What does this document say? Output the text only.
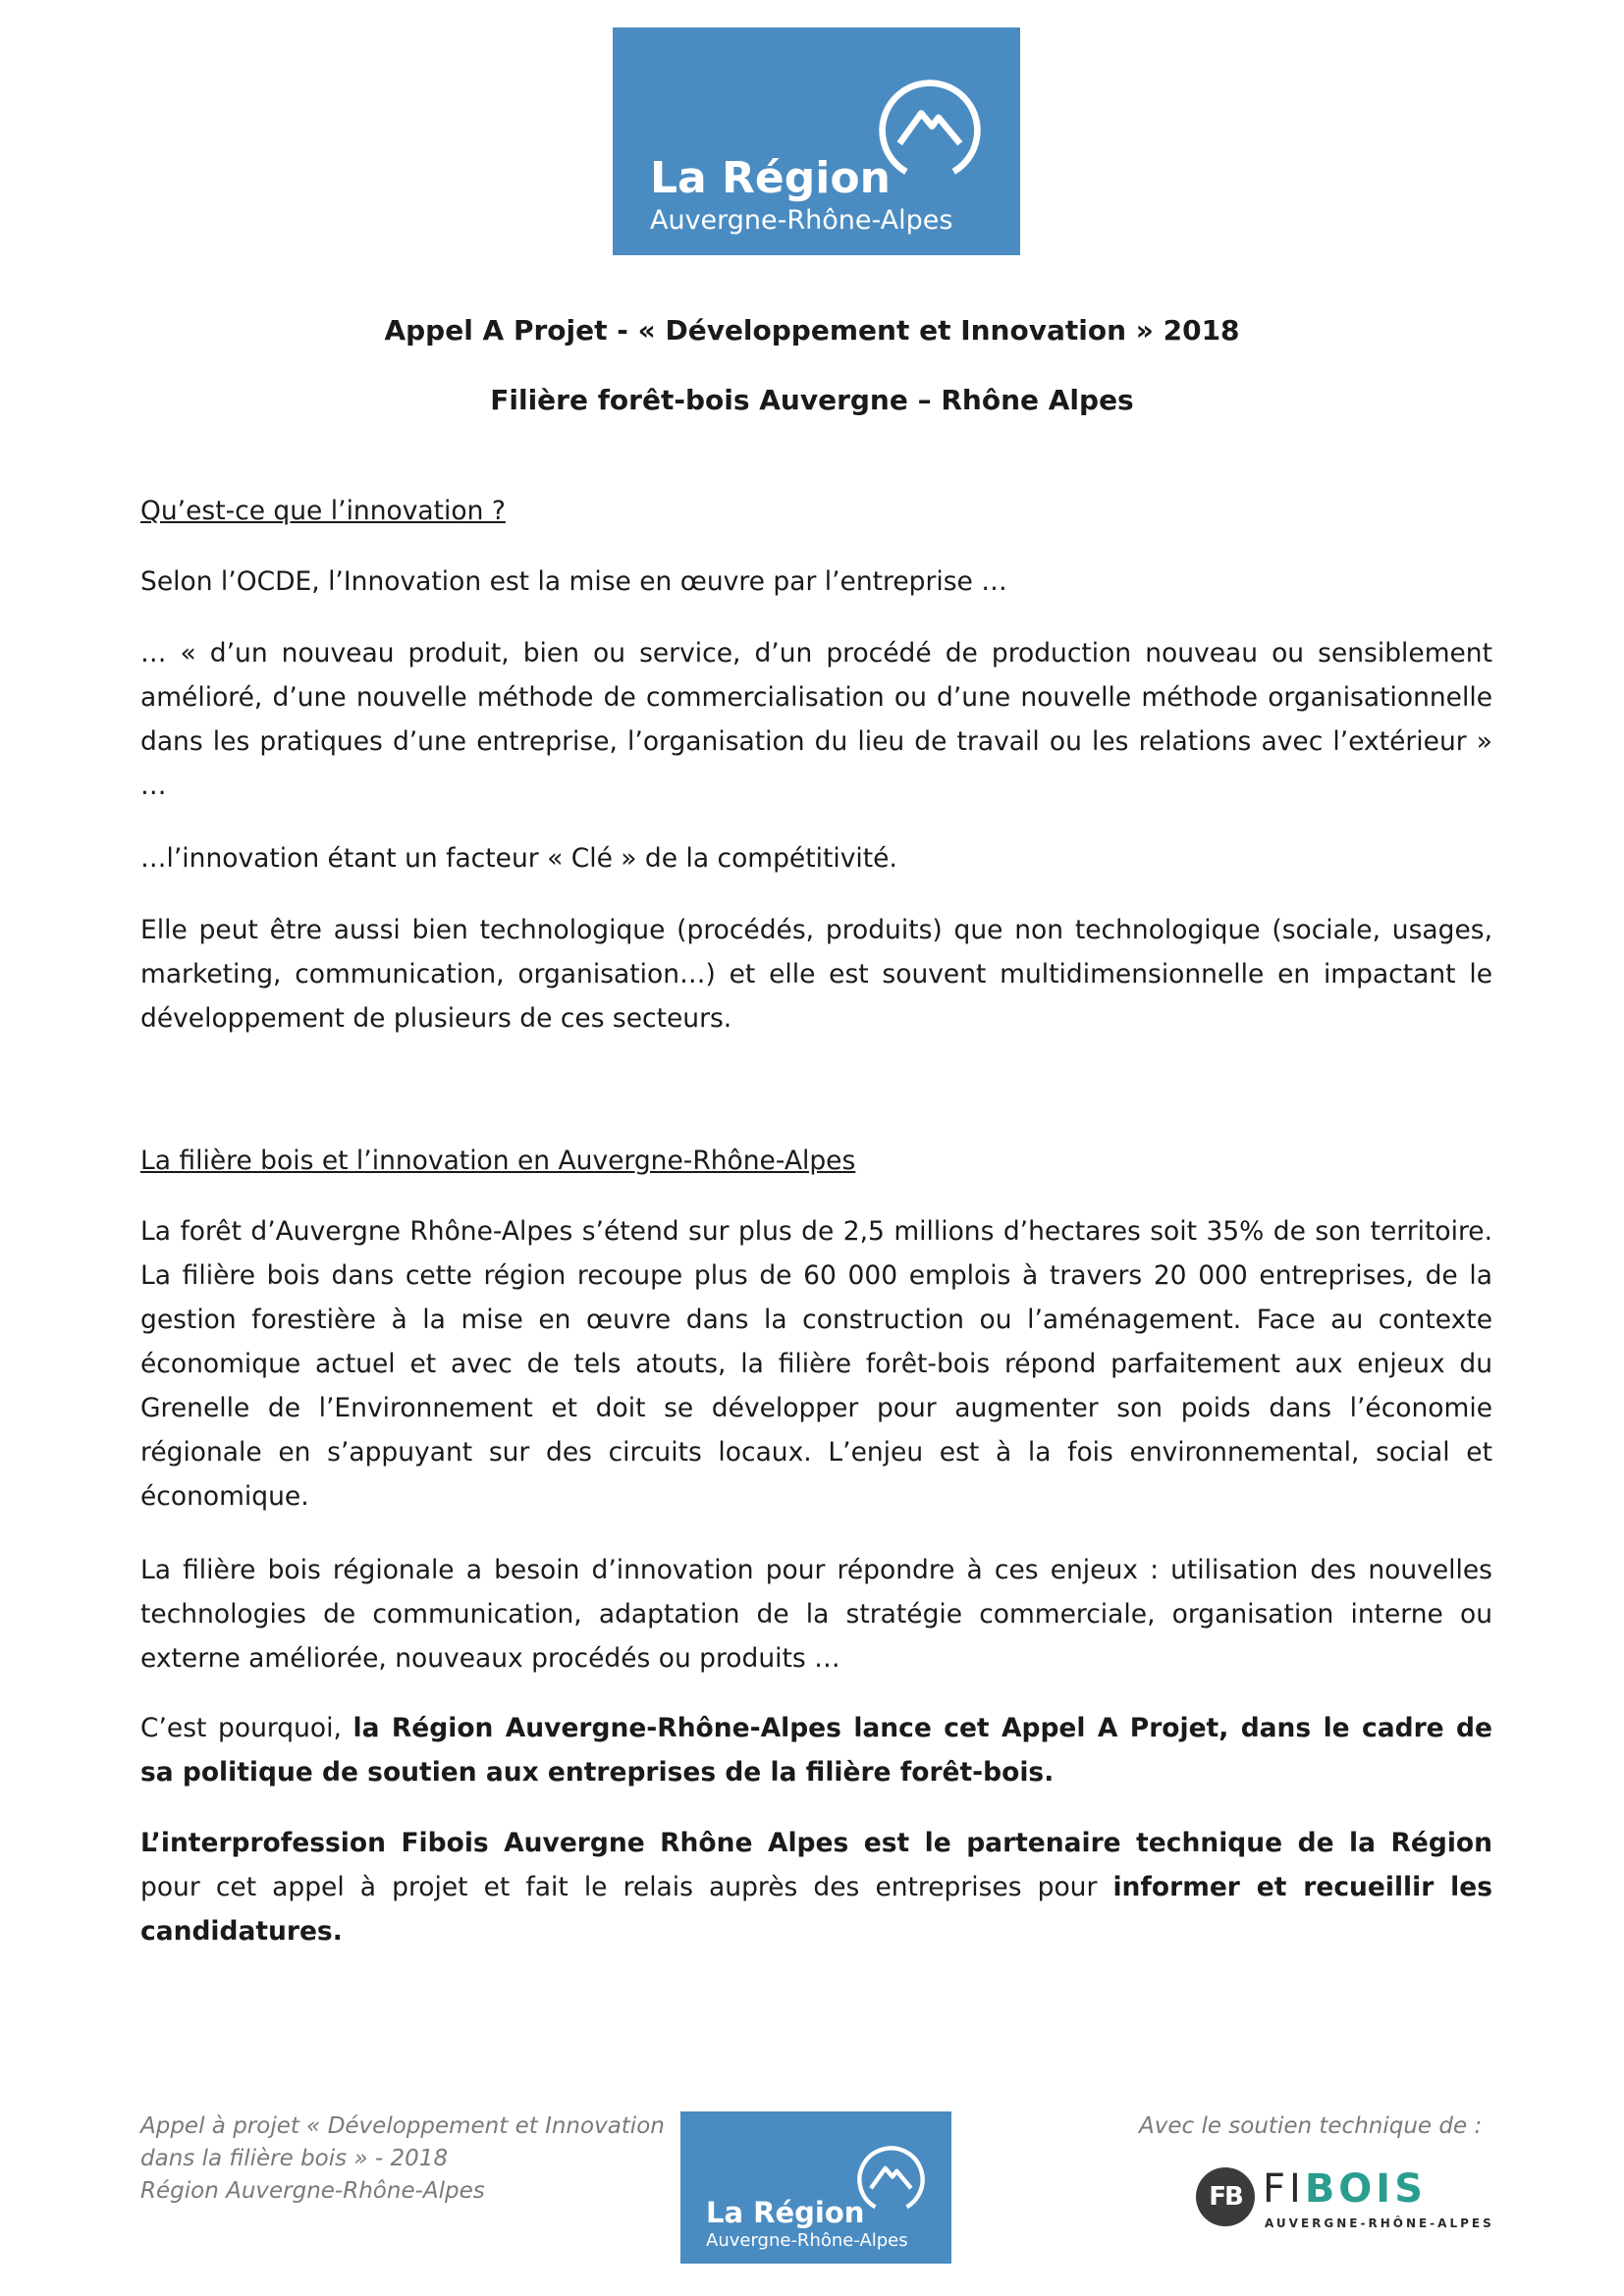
La Région
Auvergne-Rhône-Alpes
Appel A Projet - « Développement et Innovation » 2018
Filière forêt-bois Auvergne – Rhône Alpes
Qu’est-ce que l’innovation ?
Selon l’OCDE, l’Innovation est la mise en œuvre par l’entreprise …
… « d’un nouveau produit, bien ou service, d’un procédé de production nouveau ou sensiblement amélioré, d’une nouvelle méthode de commercialisation ou d’une nouvelle méthode organisationnelle dans les pratiques d’une entreprise, l’organisation du lieu de travail ou les relations avec l’extérieur » …
…l’innovation étant un facteur « Clé » de la compétitivité.
Elle peut être aussi bien technologique (procédés, produits) que non technologique (sociale, usages, marketing, communication, organisation…) et elle est souvent multidimensionnelle en impactant le développement de plusieurs de ces secteurs.
La filière bois et l’innovation en Auvergne-Rhône-Alpes
La forêt d’Auvergne Rhône-Alpes s’étend sur plus de 2,5 millions d’hectares soit 35% de son territoire. La filière bois dans cette région recoupe plus de 60 000 emplois à travers 20 000 entreprises, de la gestion forestière à la mise en œuvre dans la construction ou l’aménagement. Face au contexte économique actuel et avec de tels atouts, la filière forêt-bois répond parfaitement aux enjeux du Grenelle de l’Environnement et doit se développer pour augmenter son poids dans l’économie régionale en s’appuyant sur des circuits locaux. L’enjeu est à la fois environnemental, social et économique.
La filière bois régionale a besoin d’innovation pour répondre à ces enjeux : utilisation des nouvelles technologies de communication, adaptation de la stratégie commerciale, organisation interne ou externe améliorée, nouveaux procédés ou produits …
C’est pourquoi, la Région Auvergne-Rhône-Alpes lance cet Appel A Projet, dans le cadre de sa politique de soutien aux entreprises de la filière forêt-bois.
L’interprofession Fibois Auvergne Rhône Alpes est le partenaire technique de la Région pour cet appel à projet et fait le relais auprès des entreprises pour informer et recueillir les candidatures.
Appel à projet « Développement et Innovation
dans la filière bois » - 2018
Région Auvergne-Rhône-Alpes
La Région
Auvergne-Rhône-Alpes
Avec le soutien technique de :
FB FIBOIS
AUVERGNE-RHÔNE-ALPES
